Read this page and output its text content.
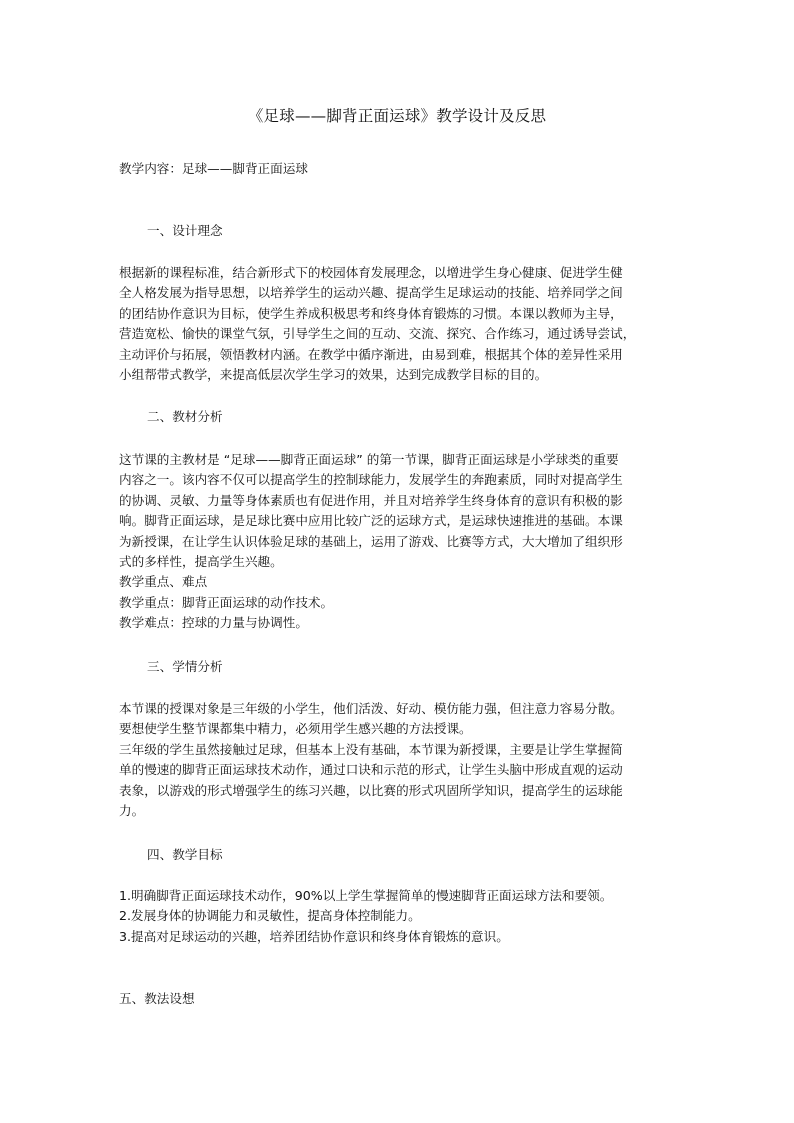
《足球——脚背正面运球》教学设计及反思
教学内容：足球——脚背正面运球
一、设计理念
根据新的课程标准，结合新形式下的校园体育发展理念，以增进学生身心健康、促进学生健
全人格发展为指导思想，以培养学生的运动兴趣、提高学生足球运动的技能、培养同学之间
的团结协作意识为目标，使学生养成积极思考和终身体育锻炼的习惯。本课以教师为主导，
营造宽松、愉快的课堂气氛，引导学生之间的互动、交流、探究、合作练习，通过诱导尝试，
主动评价与拓展，领悟教材内涵。在教学中循序渐进，由易到难，根据其个体的差异性采用
小组帮带式教学，来提高低层次学生学习的效果，达到完成教学目标的目的。
二、教材分析
这节课的主教材是 “足球——脚背正面运球” 的第一节课，脚背正面运球是小学球类的重要
内容之一。该内容不仅可以提高学生的控制球能力，发展学生的奔跑素质，同时对提高学生
的协调、灵敏、力量等身体素质也有促进作用，并且对培养学生终身体育的意识有积极的影
响。脚背正面运球，是足球比赛中应用比较广泛的运球方式，是运球快速推进的基础。本课
为新授课，在让学生认识体验足球的基础上，运用了游戏、比赛等方式，大大增加了组织形
式的多样性，提高学生兴趣。
教学重点、难点
教学重点：脚背正面运球的动作技术。
教学难点：控球的力量与协调性。
三、学情分析
本节课的授课对象是三年级的小学生，他们活泼、好动、模仿能力强，但注意力容易分散。
要想使学生整节课都集中精力，必须用学生感兴趣的方法授课。
三年级的学生虽然接触过足球，但基本上没有基础，本节课为新授课，主要是让学生掌握简
单的慢速的脚背正面运球技术动作，通过口诀和示范的形式，让学生头脑中形成直观的运动
表象，以游戏的形式增强学生的练习兴趣，以比赛的形式巩固所学知识，提高学生的运球能
力。
四、教学目标
1.明确脚背正面运球技术动作，90%以上学生掌握简单的慢速脚背正面运球方法和要领。
2.发展身体的协调能力和灵敏性，提高身体控制能力。
3.提高对足球运动的兴趣，培养团结协作意识和终身体育锻炼的意识。
五、教法设想
